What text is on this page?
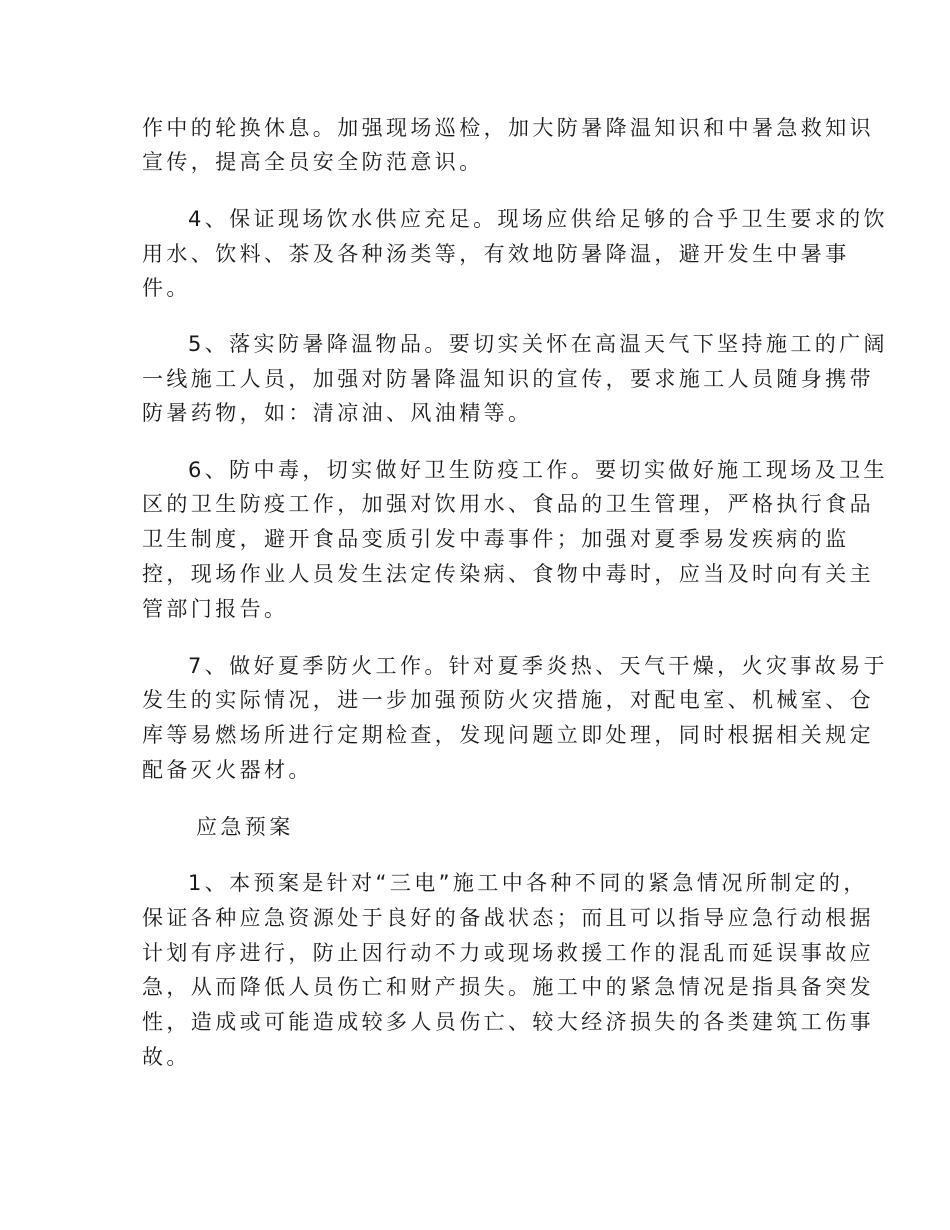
作中的轮换休息。加强现场巡检，加大防暑降温知识和中暑急救知识

宣传，提高全员安全防范意识。

4、保证现场饮水供应充足。现场应供给足够的合乎卫生要求的饮

用水、饮料、茶及各种汤类等，有效地防暑降温，避开发生中暑事

件。

5、落实防暑降温物品。要切实关怀在高温天气下坚持施工的广阔

一线施工人员，加强对防暑降温知识的宣传，要求施工人员随身携带

防暑药物，如：清凉油、风油精等。

6、防中毒，切实做好卫生防疫工作。要切实做好施工现场及卫生

区的卫生防疫工作，加强对饮用水、食品的卫生管理，严格执行食品

卫生制度，避开食品变质引发中毒事件；加强对夏季易发疾病的监

控，现场作业人员发生法定传染病、食物中毒时，应当及时向有关主

管部门报告。

7、做好夏季防火工作。针对夏季炎热、天气干燥，火灾事故易于

发生的实际情况，进一步加强预防火灾措施，对配电室、机械室、仓

库等易燃场所进行定期检查，发现问题立即处理，同时根据相关规定

配备灭火器材。

应急预案

1、本预案是针对“三电”施工中各种不同的紧急情况所制定的，

保证各种应急资源处于良好的备战状态；而且可以指导应急行动根据

计划有序进行，防止因行动不力或现场救援工作的混乱而延误事故应

急，从而降低人员伤亡和财产损失。施工中的紧急情况是指具备突发

性，造成或可能造成较多人员伤亡、较大经济损失的各类建筑工伤事

故。
